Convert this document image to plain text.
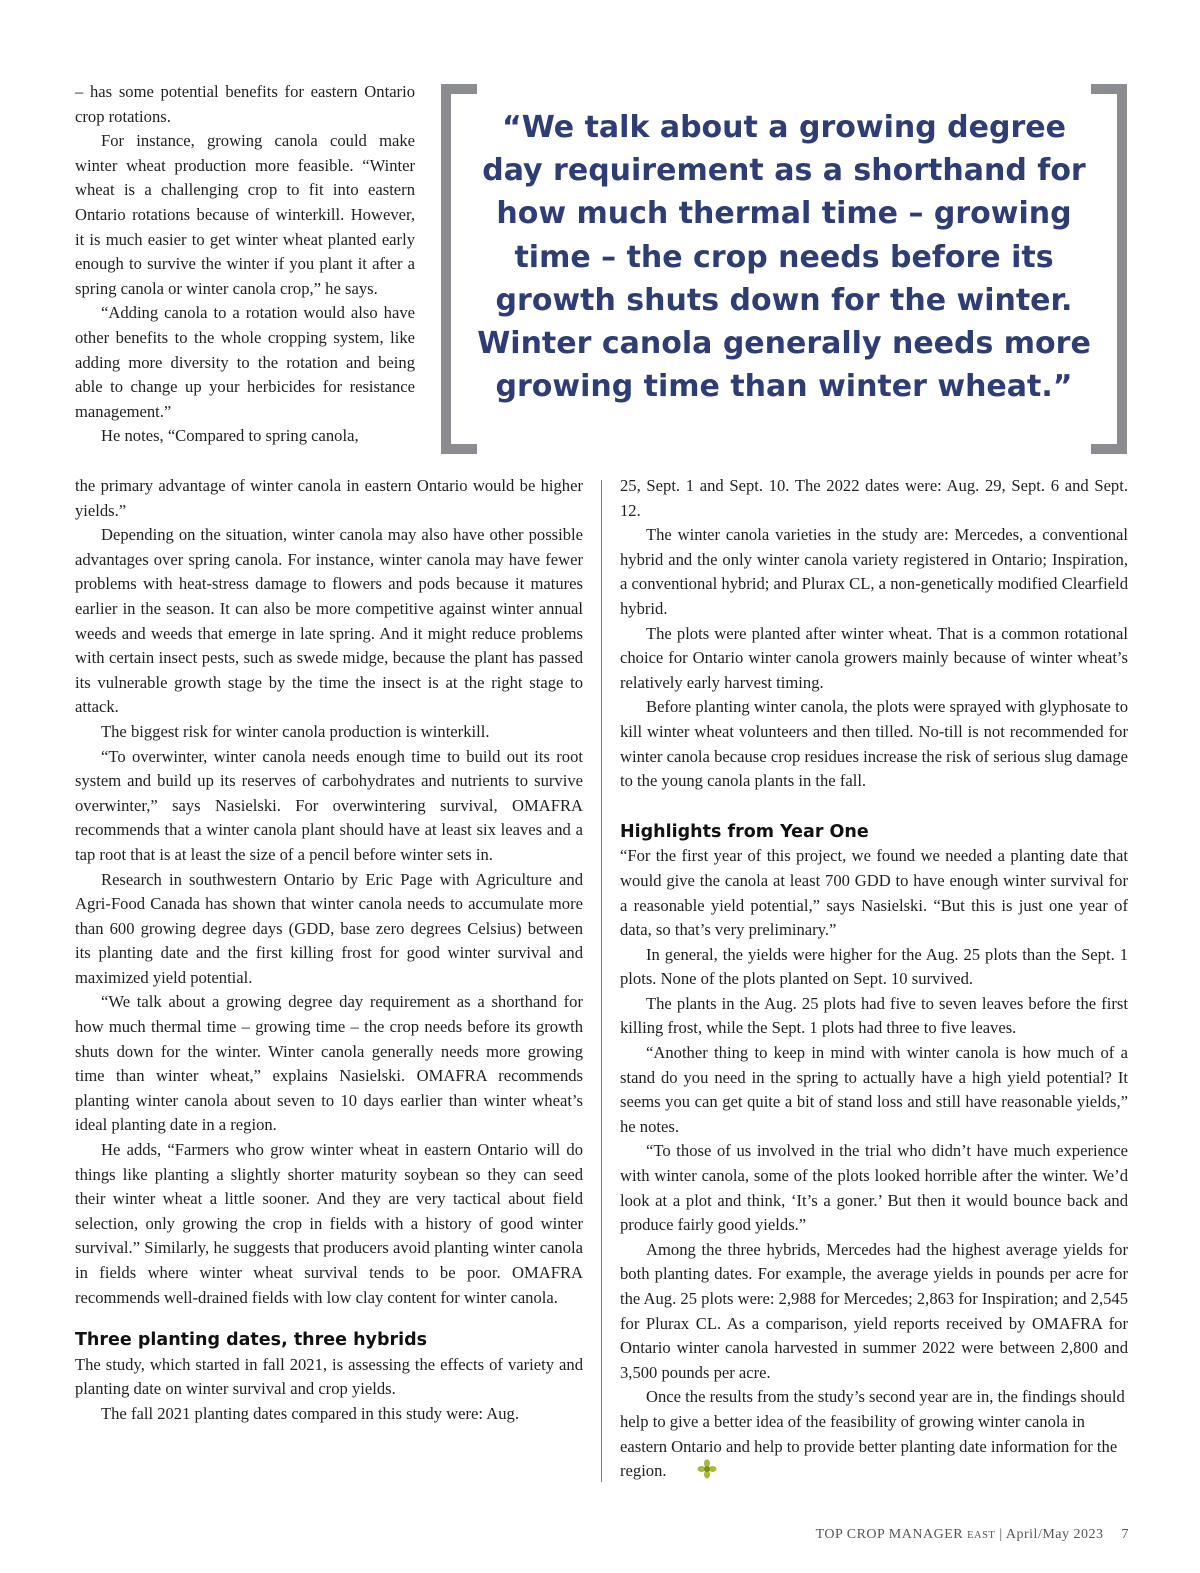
“We talk about a growing degree day requirement as a shorthand for how much thermal time – growing time – the crop needs before its growth shuts down for the winter. Winter canola generally needs more growing time than winter wheat.”

– has some potential benefits for eastern Ontario crop rotations.

For instance, growing canola could make winter wheat production more feasible. “Winter wheat is a challenging crop to fit into eastern Ontario rotations because of winterkill. However, it is much easier to get winter wheat planted early enough to survive the winter if you plant it after a spring canola or winter canola crop,” he says.

“Adding canola to a rotation would also have other benefits to the whole cropping system, like adding more diversity to the rotation and being able to change up your herbicides for resistance management.”

He notes, “Compared to spring canola,

the primary advantage of winter canola in eastern Ontario would be higher yields.”

Depending on the situation, winter canola may also have other possible advantages over spring canola. For instance, winter canola may have fewer problems with heat-stress damage to flowers and pods because it matures earlier in the season. It can also be more competitive against winter annual weeds and weeds that emerge in late spring. And it might reduce problems with certain insect pests, such as swede midge, because the plant has passed its vulnerable growth stage by the time the insect is at the right stage to attack.

The biggest risk for winter canola production is winterkill.

“To overwinter, winter canola needs enough time to build out its root system and build up its reserves of carbohydrates and nutrients to survive overwinter,” says Nasielski. For overwintering survival, OMAFRA recommends that a winter canola plant should have at least six leaves and a tap root that is at least the size of a pencil before winter sets in.

Research in southwestern Ontario by Eric Page with Agriculture and Agri-Food Canada has shown that winter canola needs to accumulate more than 600 growing degree days (GDD, base zero degrees Celsius) between its planting date and the first killing frost for good winter survival and maximized yield potential.

“We talk about a growing degree day requirement as a shorthand for how much thermal time – growing time – the crop needs before its growth shuts down for the winter. Winter canola generally needs more growing time than winter wheat,” explains Nasielski. OMAFRA recommends planting winter canola about seven to 10 days earlier than winter wheat’s ideal planting date in a region.

He adds, “Farmers who grow winter wheat in eastern Ontario will do things like planting a slightly shorter maturity soybean so they can seed their winter wheat a little sooner. And they are very tactical about field selection, only growing the crop in fields with a history of good winter survival.” Similarly, he suggests that producers avoid planting winter canola in fields where winter wheat survival tends to be poor. OMAFRA recommends well-drained fields with low clay content for winter canola.

Three planting dates, three hybrids

The study, which started in fall 2021, is assessing the effects of variety and planting date on winter survival and crop yields.

The fall 2021 planting dates compared in this study were: Aug.

25, Sept. 1 and Sept. 10. The 2022 dates were: Aug. 29, Sept. 6 and Sept. 12.

The winter canola varieties in the study are: Mercedes, a conventional hybrid and the only winter canola variety registered in Ontario; Inspiration, a conventional hybrid; and Plurax CL, a non-genetically modified Clearfield hybrid.

The plots were planted after winter wheat. That is a common rotational choice for Ontario winter canola growers mainly because of winter wheat’s relatively early harvest timing.

Before planting winter canola, the plots were sprayed with glyphosate to kill winter wheat volunteers and then tilled. No-till is not recommended for winter canola because crop residues increase the risk of serious slug damage to the young canola plants in the fall.

Highlights from Year One

“For the first year of this project, we found we needed a planting date that would give the canola at least 700 GDD to have enough winter survival for a reasonable yield potential,” says Nasielski. “But this is just one year of data, so that’s very preliminary.”

In general, the yields were higher for the Aug. 25 plots than the Sept. 1 plots. None of the plots planted on Sept. 10 survived.

The plants in the Aug. 25 plots had five to seven leaves before the first killing frost, while the Sept. 1 plots had three to five leaves.

“Another thing to keep in mind with winter canola is how much of a stand do you need in the spring to actually have a high yield potential? It seems you can get quite a bit of stand loss and still have reasonable yields,” he notes.

“To those of us involved in the trial who didn’t have much experience with winter canola, some of the plots looked horrible after the winter. We’d look at a plot and think, ‘It’s a goner.’ But then it would bounce back and produce fairly good yields.”

Among the three hybrids, Mercedes had the highest average yields for both planting dates. For example, the average yields in pounds per acre for the Aug. 25 plots were: 2,988 for Mercedes; 2,863 for Inspiration; and 2,545 for Plurax CL. As a comparison, yield reports received by OMAFRA for Ontario winter canola harvested in summer 2022 were between 2,800 and 3,500 pounds per acre.

Once the results from the study’s second year are in, the findings should help to give a better idea of the feasibility of growing winter canola in eastern Ontario and help to provide better planting date information for the region.

TOP CROP MANAGER EAST | April/May 2023 7
